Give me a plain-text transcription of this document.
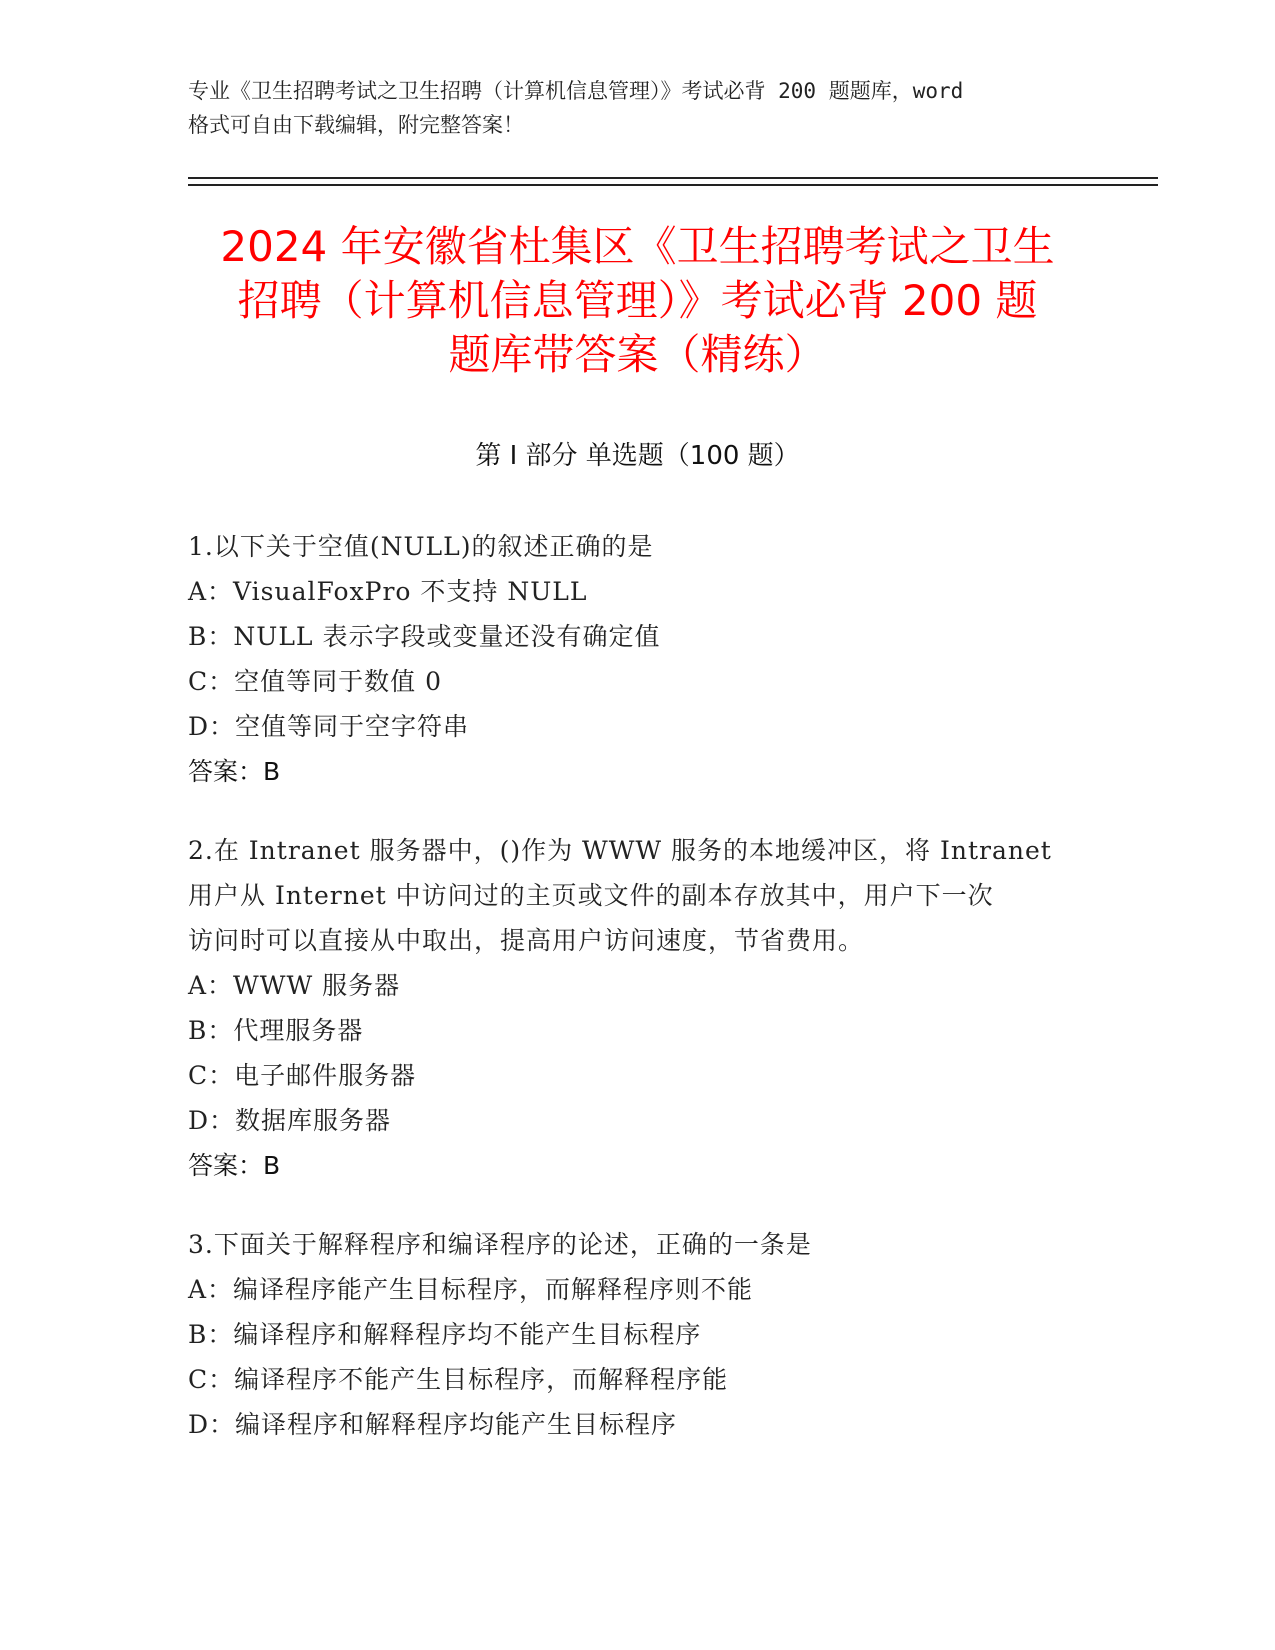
专业《卫生招聘考试之卫生招聘（计算机信息管理）》考试必背 200 题题库，word
格式可自由下载编辑，附完整答案！
2024 年安徽省杜集区《卫生招聘考试之卫生
招聘（计算机信息管理）》考试必背 200 题
题库带答案（精练）
第 I 部分 单选题（100 题）

1.以下关于空值(NULL)的叙述正确的是

A：VisualFoxPro 不支持 NULL

B：NULL 表示字段或变量还没有确定值

C：空值等同于数值 0

D：空值等同于空字符串

答案：B

2.在 Intranet 服务器中，()作为 WWW 服务的本地缓冲区，将 Intranet

用户从 Internet 中访问过的主页或文件的副本存放其中，用户下一次

访问时可以直接从中取出，提高用户访问速度，节省费用。

A：WWW 服务器

B：代理服务器

C：电子邮件服务器

D：数据库服务器

答案：B

3.下面关于解释程序和编译程序的论述，正确的一条是

A：编译程序能产生目标程序，而解释程序则不能

B：编译程序和解释程序均不能产生目标程序

C：编译程序不能产生目标程序，而解释程序能

D：编译程序和解释程序均能产生目标程序
